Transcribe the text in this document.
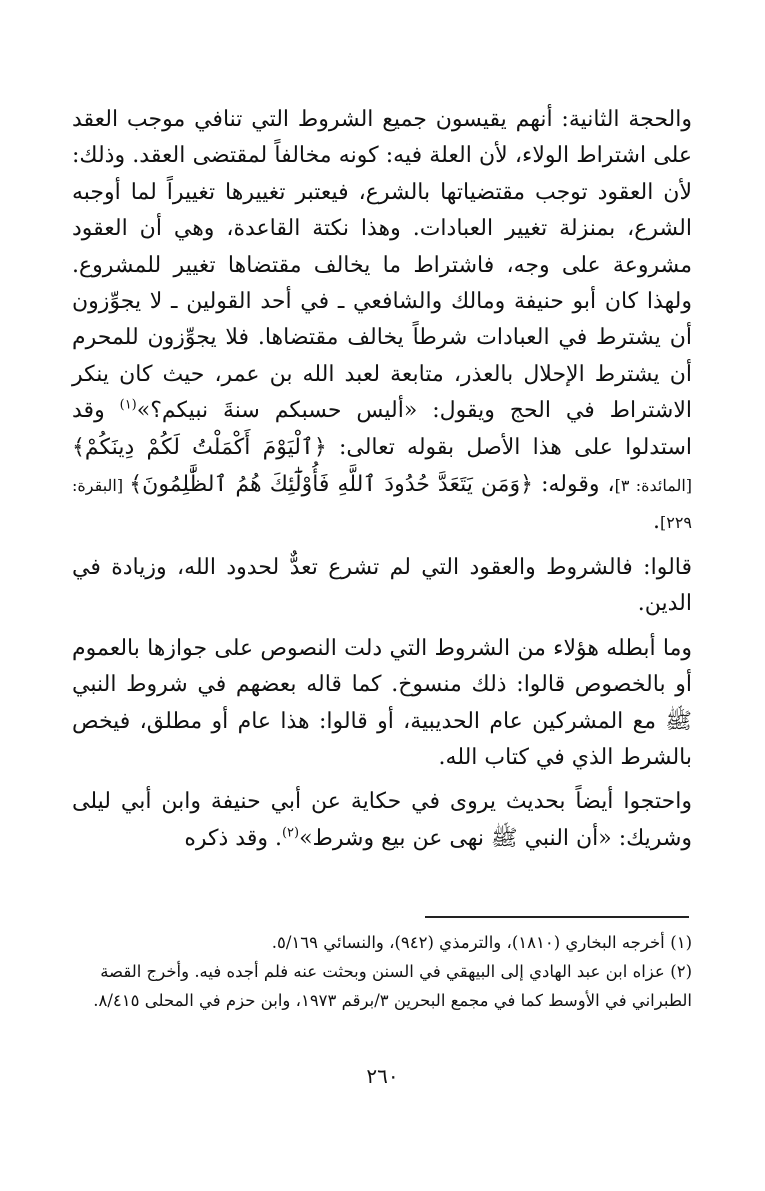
والحجة الثانية: أنهم يقيسون جميع الشروط التي تنافي موجب العقد على اشتراط الولاء، لأن العلة فيه: كونه مخالفاً لمقتضى العقد. وذلك: لأن العقود توجب مقتضياتها بالشرع، فيعتبر تغييرها تغييراً لما أوجبه الشرع، بمنزلة تغيير العبادات. وهذا نكتة القاعدة، وهي أن العقود مشروعة على وجه، فاشتراط ما يخالف مقتضاها تغيير للمشروع. ولهذا كان أبو حنيفة ومالك والشافعي ـ في أحد القولين ـ لا يجوِّزون أن يشترط في العبادات شرطاً يخالف مقتضاها. فلا يجوِّزون للمحرم أن يشترط الإحلال بالعذر، متابعة لعبد الله بن عمر، حيث كان ينكر الاشتراط في الحج ويقول: «أليس حسبكم سنةَ نبيكم؟»$^{(١)}$ وقد استدلوا على هذا الأصل بقوله تعالى: ﴿ٱلْيَوْمَ أَكْمَلْتُ لَكُمْ دِينَكُمْ﴾ [المائدة: ٣]، وقوله: ﴿وَمَن يَتَعَدَّ حُدُودَ ٱللَّهِ فَأُوْلَٰٓئِكَ هُمُ ٱلظَّٰلِمُونَ﴾ [البقرة: ٢٢٩].

قالوا: فالشروط والعقود التي لم تشرع تعدٌّ لحدود الله، وزيادة في الدين.

وما أبطله هؤلاء من الشروط التي دلت النصوص على جوازها بالعموم أو بالخصوص قالوا: ذلك منسوخ. كما قاله بعضهم في شروط النبي ﷺ مع المشركين عام الحديبية، أو قالوا: هذا عام أو مطلق، فيخص بالشرط الذي في كتاب الله.

واحتجوا أيضاً بحديث يروى في حكاية عن أبي حنيفة وابن أبي ليلى وشريك: «أن النبي ﷺ نهى عن بيع وشرط»$^{(٢)}$. وقد ذكره

(١) أخرجه البخاري (١٨١٠)، والترمذي (٩٤٢)، والنسائي ٥/١٦٩.

(٢) عزاه ابن عبد الهادي إلى البيهقي في السنن وبحثت عنه فلم أجده فيه. وأخرج القصة الطبراني في الأوسط كما في مجمع البحرين ٣/برقم ١٩٧٣، وابن حزم في المحلى ٨/٤١٥.

٢٦٠
